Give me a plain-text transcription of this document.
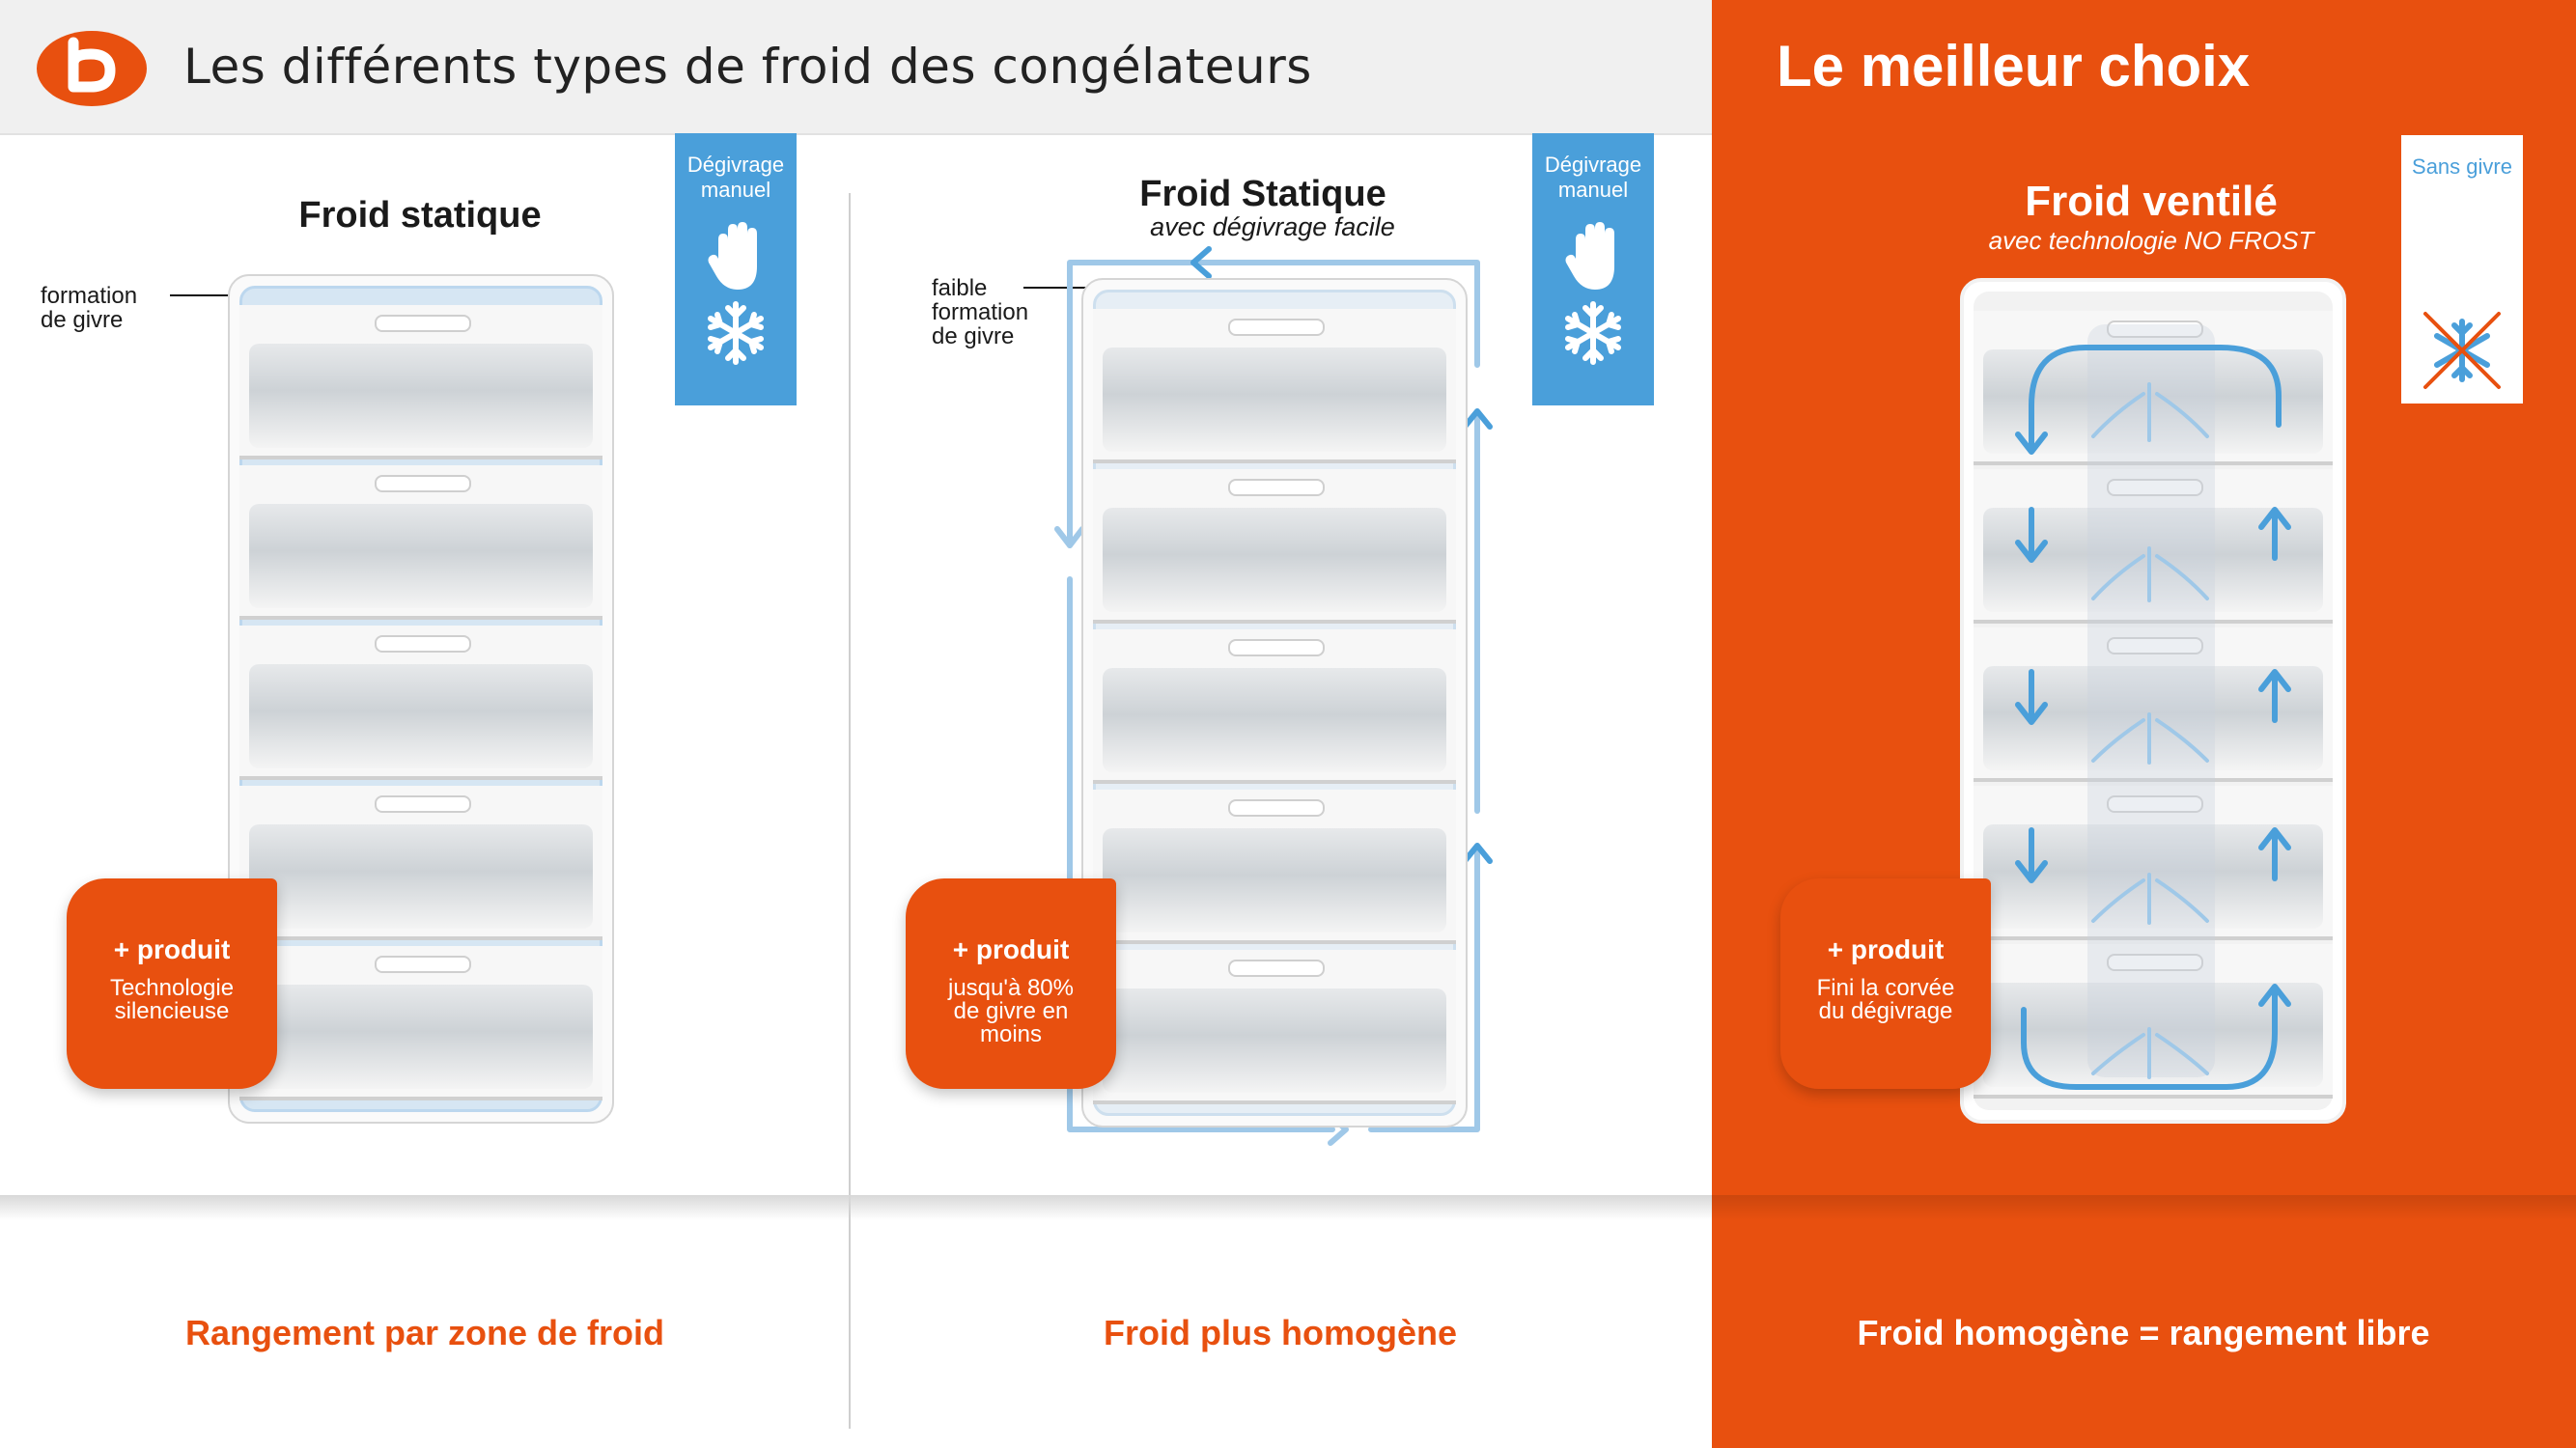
Les différents types de froid des congélateurs	Le meilleur choix
Froid statique
formation
de givre
Dégivrage
manuel
+ produit
Technologie
silencieuse
Rangement par zone de froid
Froid Statique
avec dégivrage facile
faible
formation
de givre
Dégivrage
manuel
+ produit
jusqu'à 80%
de givre en
moins
Froid plus homogène
Froid ventilé
avec technologie NO FROST
Sans givre
+ produit
Fini la corvée
du dégivrage
Froid homogène = rangement libre
